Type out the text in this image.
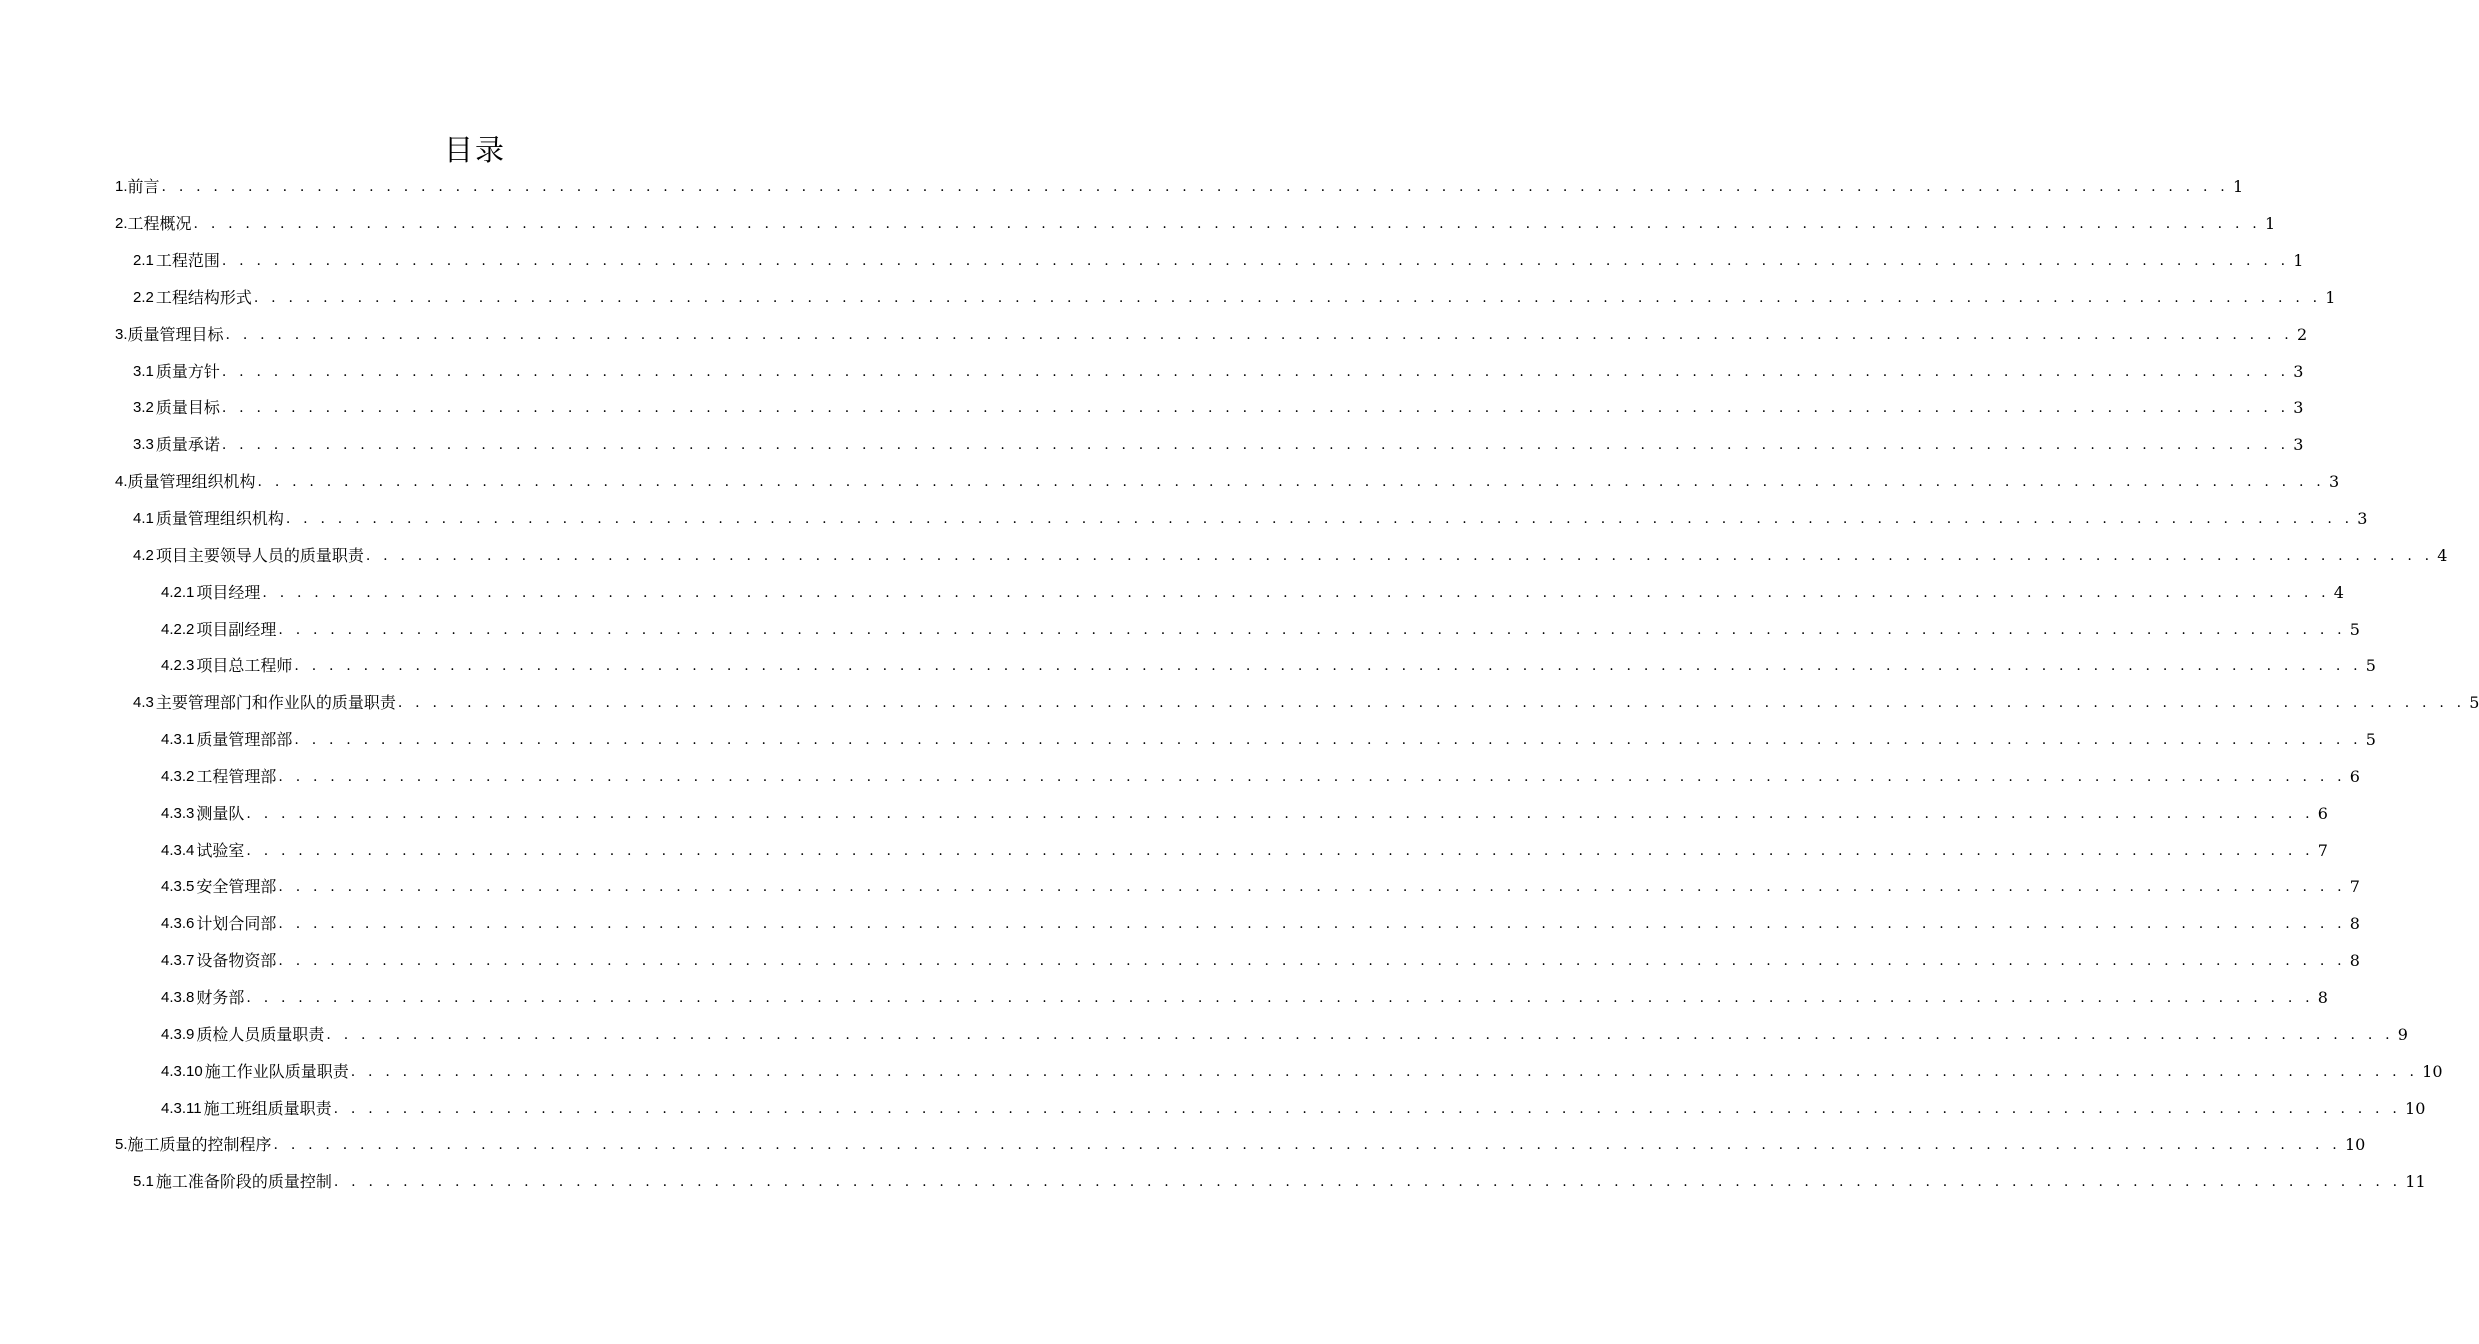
目录
1. 前言 . . . . . . . . . . . . . . . . . . . . . . . . . . . . . . . . . . . . . . . . . . . . . . . . . . . . . . . . . . . . . . . . . . . . . . . . . . . . . . . . . . . . . . . . . . . . . . . . . . . . . . . . . . . . . . . . . . . . . . . . 1
2. 工程概况 . . . . . . . . . . . . . . . . . . . . . . . . . . . . . . . . . . . . . . . . . . . . . . . . . . . . . . . . . . . . . . . . . . . . . . . . . . . . . . . . . . . . . . . . . . . . . . . . . . . . . . . . . . . . . . . . . . . . . . . . 1
2.1 工程范围 . . . . . . . . . . . . . . . . . . . . . . . . . . . . . . . . . . . . . . . . . . . . . . . . . . . . . . . . . . . . . . . . . . . . . . . . . . . . . . . . . . . . . . . . . . . . . . . . . . . . . . . . . . . . . . . . . . . . . . . . 1
2.2 工程结构形式 . . . . . . . . . . . . . . . . . . . . . . . . . . . . . . . . . . . . . . . . . . . . . . . . . . . . . . . . . . . . . . . . . . . . . . . . . . . . . . . . . . . . . . . . . . . . . . . . . . . . . . . . . . . . . . . . . . . . . . . . 1
3. 质量管理目标 . . . . . . . . . . . . . . . . . . . . . . . . . . . . . . . . . . . . . . . . . . . . . . . . . . . . . . . . . . . . . . . . . . . . . . . . . . . . . . . . . . . . . . . . . . . . . . . . . . . . . . . . . . . . . . . . . . . . . . . . 2
3.1 质量方针 . . . . . . . . . . . . . . . . . . . . . . . . . . . . . . . . . . . . . . . . . . . . . . . . . . . . . . . . . . . . . . . . . . . . . . . . . . . . . . . . . . . . . . . . . . . . . . . . . . . . . . . . . . . . . . . . . . . . . . . . 3
3.2 质量目标 . . . . . . . . . . . . . . . . . . . . . . . . . . . . . . . . . . . . . . . . . . . . . . . . . . . . . . . . . . . . . . . . . . . . . . . . . . . . . . . . . . . . . . . . . . . . . . . . . . . . . . . . . . . . . . . . . . . . . . . . 3
3.3 质量承诺 . . . . . . . . . . . . . . . . . . . . . . . . . . . . . . . . . . . . . . . . . . . . . . . . . . . . . . . . . . . . . . . . . . . . . . . . . . . . . . . . . . . . . . . . . . . . . . . . . . . . . . . . . . . . . . . . . . . . . . . . 3
4. 质量管理组织机构 . . . . . . . . . . . . . . . . . . . . . . . . . . . . . . . . . . . . . . . . . . . . . . . . . . . . . . . . . . . . . . . . . . . . . . . . . . . . . . . . . . . . . . . . . . . . . . . . . . . . . . . . . . . . . . . . . . . . . . . . 3
4.1 质量管理组织机构 . . . . . . . . . . . . . . . . . . . . . . . . . . . . . . . . . . . . . . . . . . . . . . . . . . . . . . . . . . . . . . . . . . . . . . . . . . . . . . . . . . . . . . . . . . . . . . . . . . . . . . . . . . . . . . . . . . . . . . . . 3
4.2 项目主要领导人员的质量职责 . . . . . . . . . . . . . . . . . . . . . . . . . . . . . . . . . . . . . . . . . . . . . . . . . . . . . . . . . . . . . . . . . . . . . . . . . . . . . . . . . . . . . . . . . . . . . . . . . . . . . . . . . . . . . . . . . . . . . . . . 4
4.2.1 项目经理 . . . . . . . . . . . . . . . . . . . . . . . . . . . . . . . . . . . . . . . . . . . . . . . . . . . . . . . . . . . . . . . . . . . . . . . . . . . . . . . . . . . . . . . . . . . . . . . . . . . . . . . . . . . . . . . . . . . . . . . . 4
4.2.2 项目副经理 . . . . . . . . . . . . . . . . . . . . . . . . . . . . . . . . . . . . . . . . . . . . . . . . . . . . . . . . . . . . . . . . . . . . . . . . . . . . . . . . . . . . . . . . . . . . . . . . . . . . . . . . . . . . . . . . . . . . . . . . 5
4.2.3 项目总工程师 . . . . . . . . . . . . . . . . . . . . . . . . . . . . . . . . . . . . . . . . . . . . . . . . . . . . . . . . . . . . . . . . . . . . . . . . . . . . . . . . . . . . . . . . . . . . . . . . . . . . . . . . . . . . . . . . . . . . . . . . 5
4.3 主要管理部门和作业队的质量职责 . . . . . . . . . . . . . . . . . . . . . . . . . . . . . . . . . . . . . . . . . . . . . . . . . . . . . . . . . . . . . . . . . . . . . . . . . . . . . . . . . . . . . . . . . . . . . . . . . . . . . . . . . . . . . . . . . . . . . . . . 5
4.3.1 质量管理部部 . . . . . . . . . . . . . . . . . . . . . . . . . . . . . . . . . . . . . . . . . . . . . . . . . . . . . . . . . . . . . . . . . . . . . . . . . . . . . . . . . . . . . . . . . . . . . . . . . . . . . . . . . . . . . . . . . . . . . . . . 5
4.3.2 工程管理部 . . . . . . . . . . . . . . . . . . . . . . . . . . . . . . . . . . . . . . . . . . . . . . . . . . . . . . . . . . . . . . . . . . . . . . . . . . . . . . . . . . . . . . . . . . . . . . . . . . . . . . . . . . . . . . . . . . . . . . . . 6
4.3.3 测量队 . . . . . . . . . . . . . . . . . . . . . . . . . . . . . . . . . . . . . . . . . . . . . . . . . . . . . . . . . . . . . . . . . . . . . . . . . . . . . . . . . . . . . . . . . . . . . . . . . . . . . . . . . . . . . . . . . . . . . . . . 6
4.3.4 试验室 . . . . . . . . . . . . . . . . . . . . . . . . . . . . . . . . . . . . . . . . . . . . . . . . . . . . . . . . . . . . . . . . . . . . . . . . . . . . . . . . . . . . . . . . . . . . . . . . . . . . . . . . . . . . . . . . . . . . . . . . 7
4.3.5 安全管理部 . . . . . . . . . . . . . . . . . . . . . . . . . . . . . . . . . . . . . . . . . . . . . . . . . . . . . . . . . . . . . . . . . . . . . . . . . . . . . . . . . . . . . . . . . . . . . . . . . . . . . . . . . . . . . . . . . . . . . . . . 7
4.3.6 计划合同部 . . . . . . . . . . . . . . . . . . . . . . . . . . . . . . . . . . . . . . . . . . . . . . . . . . . . . . . . . . . . . . . . . . . . . . . . . . . . . . . . . . . . . . . . . . . . . . . . . . . . . . . . . . . . . . . . . . . . . . . . 8
4.3.7 设备物资部 . . . . . . . . . . . . . . . . . . . . . . . . . . . . . . . . . . . . . . . . . . . . . . . . . . . . . . . . . . . . . . . . . . . . . . . . . . . . . . . . . . . . . . . . . . . . . . . . . . . . . . . . . . . . . . . . . . . . . . . . 8
4.3.8 财务部 . . . . . . . . . . . . . . . . . . . . . . . . . . . . . . . . . . . . . . . . . . . . . . . . . . . . . . . . . . . . . . . . . . . . . . . . . . . . . . . . . . . . . . . . . . . . . . . . . . . . . . . . . . . . . . . . . . . . . . . . 8
4.3.9 质检人员质量职责 . . . . . . . . . . . . . . . . . . . . . . . . . . . . . . . . . . . . . . . . . . . . . . . . . . . . . . . . . . . . . . . . . . . . . . . . . . . . . . . . . . . . . . . . . . . . . . . . . . . . . . . . . . . . . . . . . . . . . . . . 9
4.3.10 施工作业队质量职责 . . . . . . . . . . . . . . . . . . . . . . . . . . . . . . . . . . . . . . . . . . . . . . . . . . . . . . . . . . . . . . . . . . . . . . . . . . . . . . . . . . . . . . . . . . . . . . . . . . . . . . . . . . . . . . . . . . . . . . . . 10
4.3.11 施工班组质量职责 . . . . . . . . . . . . . . . . . . . . . . . . . . . . . . . . . . . . . . . . . . . . . . . . . . . . . . . . . . . . . . . . . . . . . . . . . . . . . . . . . . . . . . . . . . . . . . . . . . . . . . . . . . . . . . . . . . . . . . . . 10
5. 施工质量的控制程序 . . . . . . . . . . . . . . . . . . . . . . . . . . . . . . . . . . . . . . . . . . . . . . . . . . . . . . . . . . . . . . . . . . . . . . . . . . . . . . . . . . . . . . . . . . . . . . . . . . . . . . . . . . . . . . . . . . . . . . . . 10
5.1 施工准备阶段的质量控制 . . . . . . . . . . . . . . . . . . . . . . . . . . . . . . . . . . . . . . . . . . . . . . . . . . . . . . . . . . . . . . . . . . . . . . . . . . . . . . . . . . . . . . . . . . . . . . . . . . . . . . . . . . . . . . . . . . . . . . . . 11
